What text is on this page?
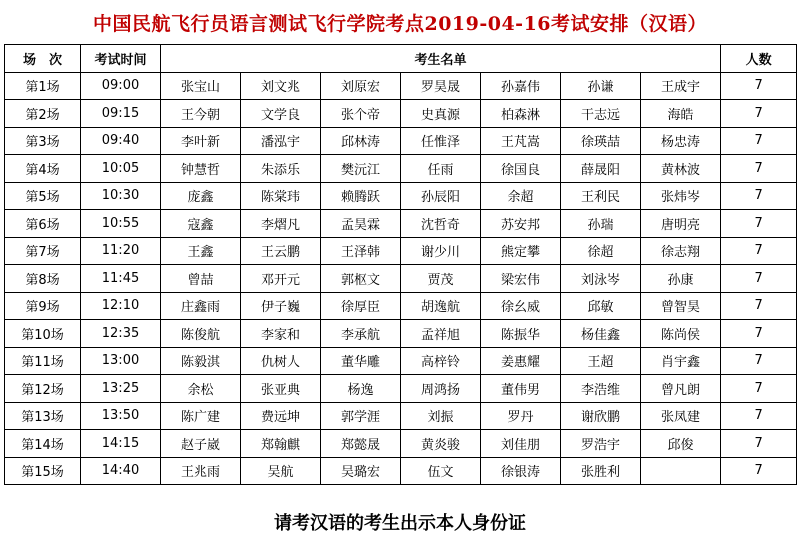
中国民航飞行员语言测试飞行学院考点2019-04-16考试安排（汉语）
场　次	考试时间	考生名单							人数
第1场	09:00	张宝山	刘文兆	刘原宏	罗昊晟	孙嘉伟	孙谦	王成宇	7
第2场	09:15	王今朝	文学良	张个帝	史真源	柏森淋	干志远	海皓	7
第3场	09:40	李叶新	潘泓宇	邱林涛	任惟泽	王芃嵩	徐瑛喆	杨忠涛	7
第4场	10:05	钟慧哲	朱添乐	樊沅江	任雨	徐国良	薛晟阳	黄林波	7
第5场	10:30	庞鑫	陈棠玮	赖腾跃	孙辰阳	余超	王利民	张炜岑	7
第6场	10:55	寇鑫	李熠凡	孟昊霖	沈哲奇	苏安邦	孙瑞	唐明亮	7
第7场	11:20	王鑫	王云鹏	王泽韩	谢少川	熊定攀	徐超	徐志翔	7
第8场	11:45	曾喆	邓开元	郭枢文	贾茂	梁宏伟	刘泳岑	孙康	7
第9场	12:10	庄鑫雨	伊子巍	徐厚臣	胡逸航	徐幺威	邱敏	曾智昊	7
第10场	12:35	陈俊航	李家和	李承航	孟祥旭	陈振华	杨佳鑫	陈尚侯	7
第11场	13:00	陈毅淇	仇树人	董华雕	高梓铃	姜惠耀	王超	肖宇鑫	7
第12场	13:25	余松	张亚典	杨逸	周鸿扬	董伟男	李浩维	曾凡朗	7
第13场	13:50	陈广建	费远坤	郭学涯	刘振	罗丹	谢欣鹏	张凤建	7
第14场	14:15	赵子崴	郑翰麒	郑懿晟	黄炎骏	刘佳朋	罗浩宇	邱俊	7
第15场	14:40	王兆雨	吴航	吴璐宏	伍文	徐银涛	张胜利		7
请考汉语的考生出示本人身份证
